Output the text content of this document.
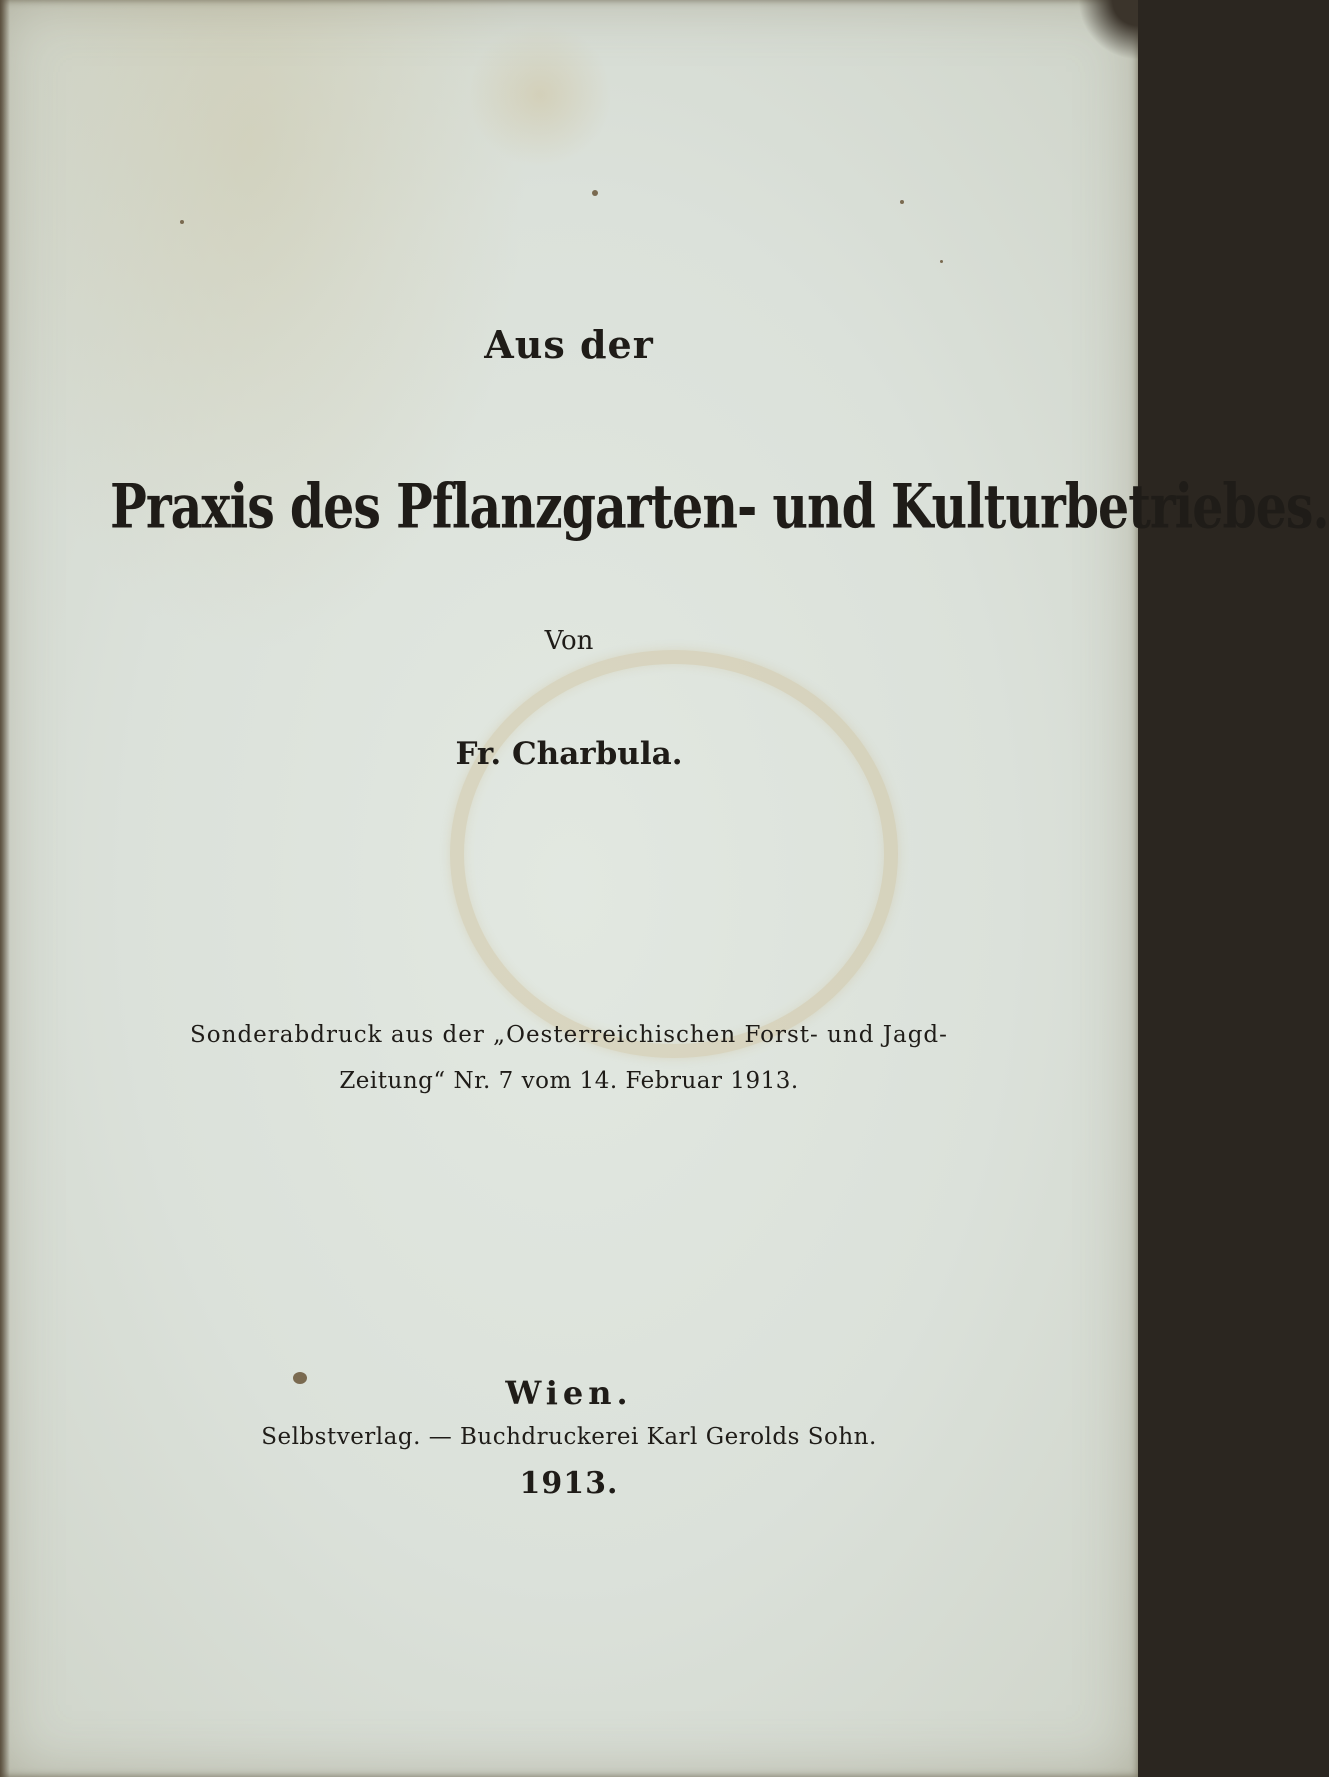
Aus der
Praxis des Pflanzgarten- und Kulturbetriebes.
Von
Fr. Charbula.
Sonderabdruck aus der „Oesterreichischen Forst- und Jagd-
Zeitung“ Nr. 7 vom 14. Februar 1913.
Wien.
Selbstverlag. — Buchdruckerei Karl Gerolds Sohn.
1913.
